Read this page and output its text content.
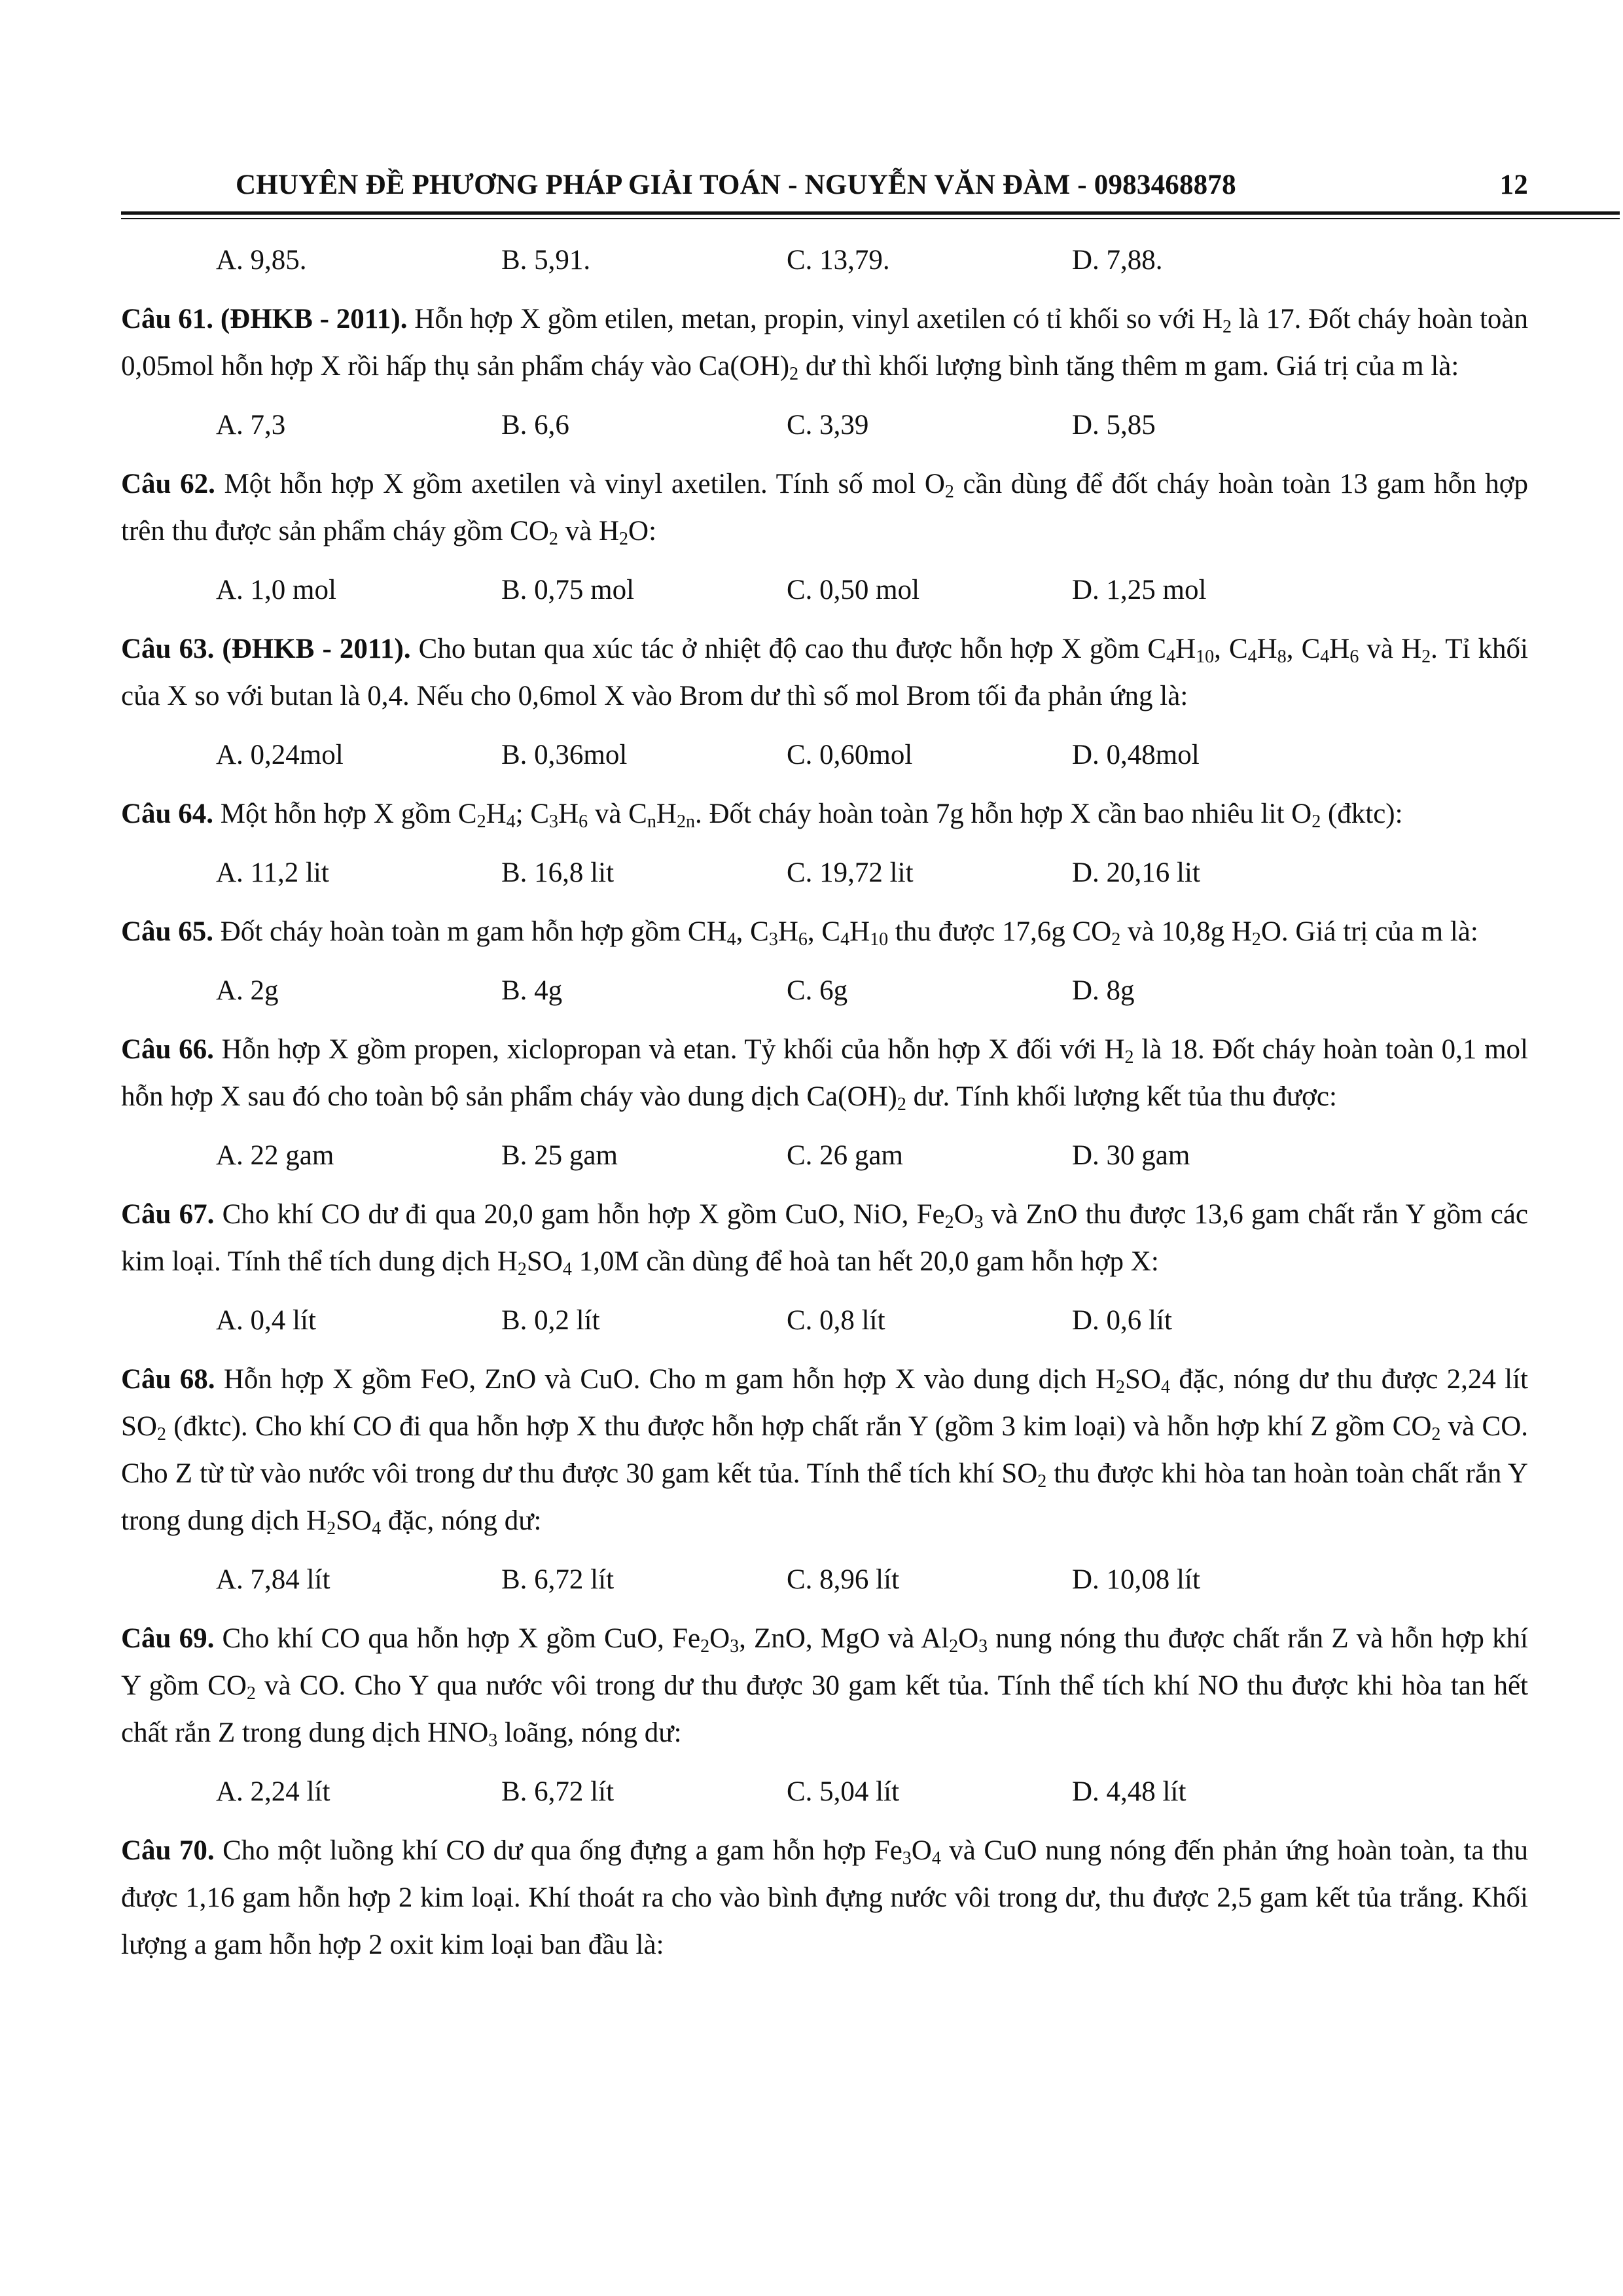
CHUYÊN ĐỀ PHƯƠNG PHÁP GIẢI TOÁN - NGUYỄN VĂN ĐÀM - 0983468878	12
A. 9,85.	B. 5,91.	C. 13,79.	D. 7,88.
Câu 61. (ĐHKB - 2011). Hỗn hợp X gồm etilen, metan, propin, vinyl axetilen có tỉ khối so với $H_2$ là 17. Đốt cháy hoàn toàn 0,05mol hỗn hợp X rồi hấp thụ sản phẩm cháy vào $Ca(OH)_2$ dư thì khối lượng bình tăng thêm m gam. Giá trị của m là:
A. 7,3	B. 6,6	C. 3,39	D. 5,85
Câu 62. Một hỗn hợp X gồm axetilen và vinyl axetilen. Tính số mol $O_2$ cần dùng để đốt cháy hoàn toàn 13 gam hỗn hợp trên thu được sản phẩm cháy gồm $CO_2$ và $H_2O$:
A. 1,0 mol	B. 0,75 mol	C. 0,50 mol	D. 1,25 mol
Câu 63. (ĐHKB - 2011). Cho butan qua xúc tác ở nhiệt độ cao thu được hỗn hợp X gồm $C_4H_{10}$, $C_4H_8$, $C_4H_6$ và $H_2$. Tỉ khối của X so với butan là 0,4. Nếu cho 0,6mol X vào Brom dư thì số mol Brom tối đa phản ứng là:
A. 0,24mol	B. 0,36mol	C. 0,60mol	D. 0,48mol
Câu 64. Một hỗn hợp X gồm $C_2H_4$; $C_3H_6$ và $C_nH_{2n}$. Đốt cháy hoàn toàn 7g hỗn hợp X cần bao nhiêu lit $O_2$ (đktc):
A. 11,2 lit	B. 16,8 lit	C. 19,72 lit	D. 20,16 lit
Câu 65. Đốt cháy hoàn toàn m gam hỗn hợp gồm $CH_4$, $C_3H_6$, $C_4H_{10}$ thu được 17,6g $CO_2$ và 10,8g $H_2O$. Giá trị của m là:
A. 2g	B. 4g	C. 6g	D. 8g
Câu 66. Hỗn hợp X gồm propen, xiclopropan và etan. Tỷ khối của hỗn hợp X đối với $H_2$ là 18. Đốt cháy hoàn toàn 0,1 mol hỗn hợp X sau đó cho toàn bộ sản phẩm cháy vào dung dịch $Ca(OH)_2$ dư. Tính khối lượng kết tủa thu được:
A. 22 gam	B. 25 gam	C. 26 gam	D. 30 gam
Câu 67. Cho khí CO dư đi qua 20,0 gam hỗn hợp X gồm CuO, NiO, $Fe_2O_3$ và ZnO thu được 13,6 gam chất rắn Y gồm các kim loại. Tính thể tích dung dịch $H_2SO_4$ 1,0M cần dùng để hoà tan hết 20,0 gam hỗn hợp X:
A. 0,4 lít	B. 0,2 lít	C. 0,8 lít	D. 0,6 lít
Câu 68. Hỗn hợp X gồm FeO, ZnO và CuO. Cho m gam hỗn hợp X vào dung dịch $H_2SO_4$ đặc, nóng dư thu được 2,24 lít $SO_2$ (đktc). Cho khí CO đi qua hỗn hợp X thu được hỗn hợp chất rắn Y (gồm 3 kim loại) và hỗn hợp khí Z gồm $CO_2$ và CO. Cho Z từ từ vào nước vôi trong dư thu được 30 gam kết tủa. Tính thể tích khí $SO_2$ thu được khi hòa tan hoàn toàn chất rắn Y trong dung dịch $H_2SO_4$ đặc, nóng dư:
A. 7,84 lít	B. 6,72 lít	C. 8,96 lít	D. 10,08 lít
Câu 69. Cho khí CO qua hỗn hợp X gồm CuO, $Fe_2O_3$, ZnO, MgO và $Al_2O_3$ nung nóng thu được chất rắn Z và hỗn hợp khí Y gồm $CO_2$ và CO. Cho Y qua nước vôi trong dư thu được 30 gam kết tủa. Tính thể tích khí NO thu được khi hòa tan hết chất rắn Z trong dung dịch $HNO_3$ loãng, nóng dư:
A. 2,24 lít	B. 6,72 lít	C. 5,04 lít	D. 4,48 lít
Câu 70. Cho một luồng khí CO dư qua ống đựng a gam hỗn hợp $Fe_3O_4$ và CuO nung nóng đến phản ứng hoàn toàn, ta thu được 1,16 gam hỗn hợp 2 kim loại. Khí thoát ra cho vào bình đựng nước vôi trong dư, thu được 2,5 gam kết tủa trắng. Khối lượng a gam hỗn hợp 2 oxit kim loại ban đầu là:
